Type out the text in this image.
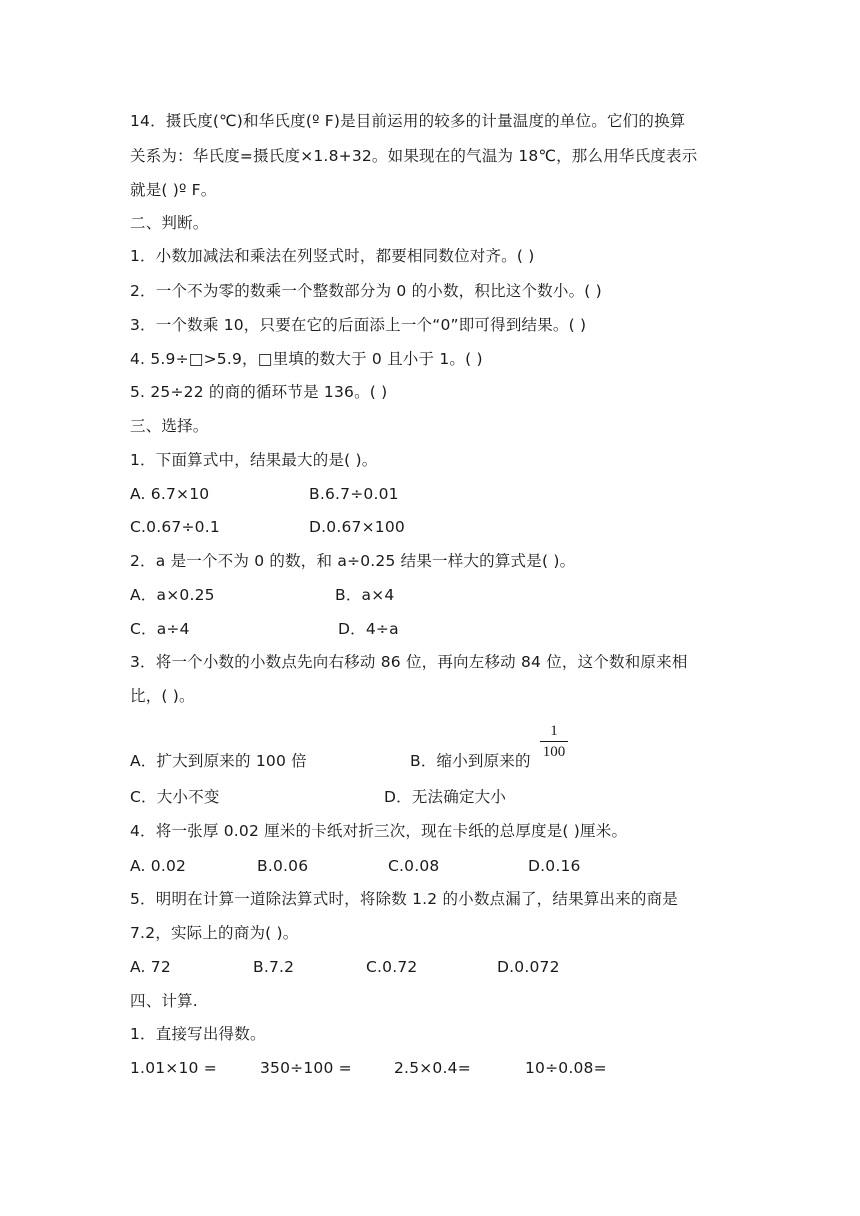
14．摄氏度(℃)和华氏度(º F)是目前运用的较多的计量温度的单位。它们的换算
关系为：华氏度=摄氏度×1.8+32。如果现在的气温为 18℃，那么用华氏度表示
就是( )º F。
二、判断。
1．小数加减法和乘法在列竖式时，都要相同数位对齐。( )
2．一个不为零的数乘一个整数部分为 0 的小数，积比这个数小。( )
3．一个数乘 10，只要在它的后面添上一个“0”即可得到结果。( )
4. 5.9÷□>5.9，□里填的数大于 0 且小于 1。( )
5. 25÷22 的商的循环节是 136。( )
三、选择。
1．下面算式中，结果最大的是( )。
A. 6.7×10	B.6.7÷0.01
C.0.67÷0.1	D.0.67×100
2．a 是一个不为 0 的数，和 a÷0.25 结果一样大的算式是( )。
A．a×0.25	B．a×4
C．a÷4	D．4÷a
3．将一个小数的小数点先向右移动 86 位，再向左移动 84 位，这个数和原来相
比，( )。
A．扩大到原来的 100 倍	B．缩小到原来的
1
100
C．大小不变	D．无法确定大小
4．将一张厚 0.02 厘米的卡纸对折三次，现在卡纸的总厚度是( )厘米。
A. 0.02	B.0.06	C.0.08	D.0.16
5．明明在计算一道除法算式时，将除数 1.2 的小数点漏了，结果算出来的商是
7.2，实际上的商为( )。
A. 72	B.7.2	C.0.72	D.0.072
四、计算.
1．直接写出得数。
1.01×10 =	350÷100 =	2.5×0.4=	10÷0.08=
